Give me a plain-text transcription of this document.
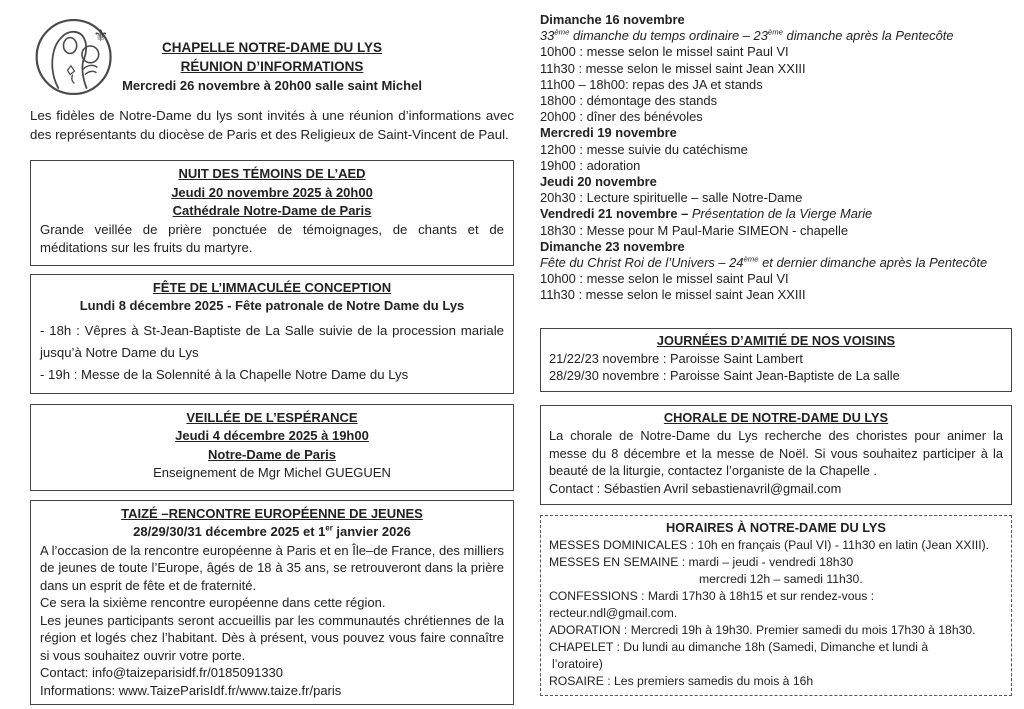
⚜
CHAPELLE NOTRE-DAME DU LYS
RÉUNION D’INFORMATIONS
Mercredi 26 novembre à 20h00 salle saint Michel

Les fidèles de Notre-Dame du lys sont invités à une réunion d’informations avec des représentants du diocèse de Paris et des Religieux de Saint-Vincent de Paul.

NUIT DES TÉMOINS DE L’AED
Jeudi 20 novembre 2025 à 20h00
Cathédrale Notre-Dame de Paris
Grande veillée de prière ponctuée de témoignages, de chants et de méditations sur les fruits du martyre.
FÊTE DE L’IMMACULÉE CONCEPTION
Lundi 8 décembre 2025 - Fête patronale de Notre Dame du Lys
- 18h : Vêpres à St-Jean-Baptiste de La Salle suivie de la procession mariale jusqu’à Notre Dame du Lys
- 19h : Messe de la Solennité à la Chapelle Notre Dame du Lys
VEILLÉE DE L’ESPÉRANCE
Jeudi 4 décembre 2025 à 19h00
Notre-Dame de Paris
Enseignement de Mgr Michel GUEGUEN
TAIZÉ –RENCONTRE EUROPÉENNE DE JEUNES
28/29/30/31 décembre 2025 et 1er janvier 2026
A l’occasion de la rencontre européenne à Paris et en Île–de France, des milliers de jeunes de toute l’Europe, âgés de 18 à 35 ans, se retrouveront dans la prière dans un esprit de fête et de fraternité.
Ce sera la sixième rencontre européenne dans cette région.
Les jeunes participants seront accueillis par les communautés chrétiennes de la région et logés chez l’habitant. Dès à présent, vous pouvez vous faire connaître si vous souhaitez ouvrir votre porte.
Contact: info@taizeparisidf.fr/0185091330
Informations: www.TaizeParisIdf.fr/www.taize.fr/paris
Dimanche 16 novembre
33ème dimanche du temps ordinaire – 23ème dimanche après la Pentecôte
10h00 : messe selon le missel saint Paul VI
11h30 : messe selon le missel saint Jean XXIII
11h00 – 18h00: repas des JA et stands
18h00 : démontage des stands
20h00 : dîner des bénévoles
Mercredi 19 novembre
12h00 : messe suivie du catéchisme
19h00 : adoration
Jeudi 20 novembre
20h30 : Lecture spirituelle – salle Notre-Dame
Vendredi 21 novembre – Présentation de la Vierge Marie
18h30 : Messe pour M Paul-Marie SIMEON - chapelle
Dimanche 23 novembre
Fête du Christ Roi de l’Univers – 24ème et dernier dimanche après la Pentecôte
10h00 : messe selon le missel saint Paul VI
11h30 : messe selon le missel saint Jean XXIII
JOURNÉES D’AMITIÉ DE NOS VOISINS
21/22/23 novembre : Paroisse Saint Lambert
28/29/30 novembre : Paroisse Saint Jean-Baptiste de La salle
CHORALE DE NOTRE-DAME DU LYS
La chorale de Notre-Dame du Lys recherche des choristes pour animer la messe du 8 décembre et la messe de Noël. Si vous souhaitez participer à la beauté de la liturgie, contactez l’organiste de la Chapelle .
Contact : Sébastien Avril sebastienavril@gmail.com
HORAIRES À NOTRE-DAME DU LYS
MESSES DOMINICALES : 10h en français (Paul VI) - 11h30 en latin (Jean XXIII).
MESSES EN SEMAINE : mardi – jeudi - vendredi 18h30
mercredi 12h – samedi 11h30.
CONFESSIONS : Mardi 17h30 à 18h15 et sur rendez-vous :
recteur.ndl@gmail.com.
ADORATION : Mercredi 19h à 19h30. Premier samedi du mois 17h30 à 18h30.
CHAPELET : Du lundi au dimanche 18h (Samedi, Dimanche et lundi à
l’oratoire)
ROSAIRE : Les premiers samedis du mois à 16h
